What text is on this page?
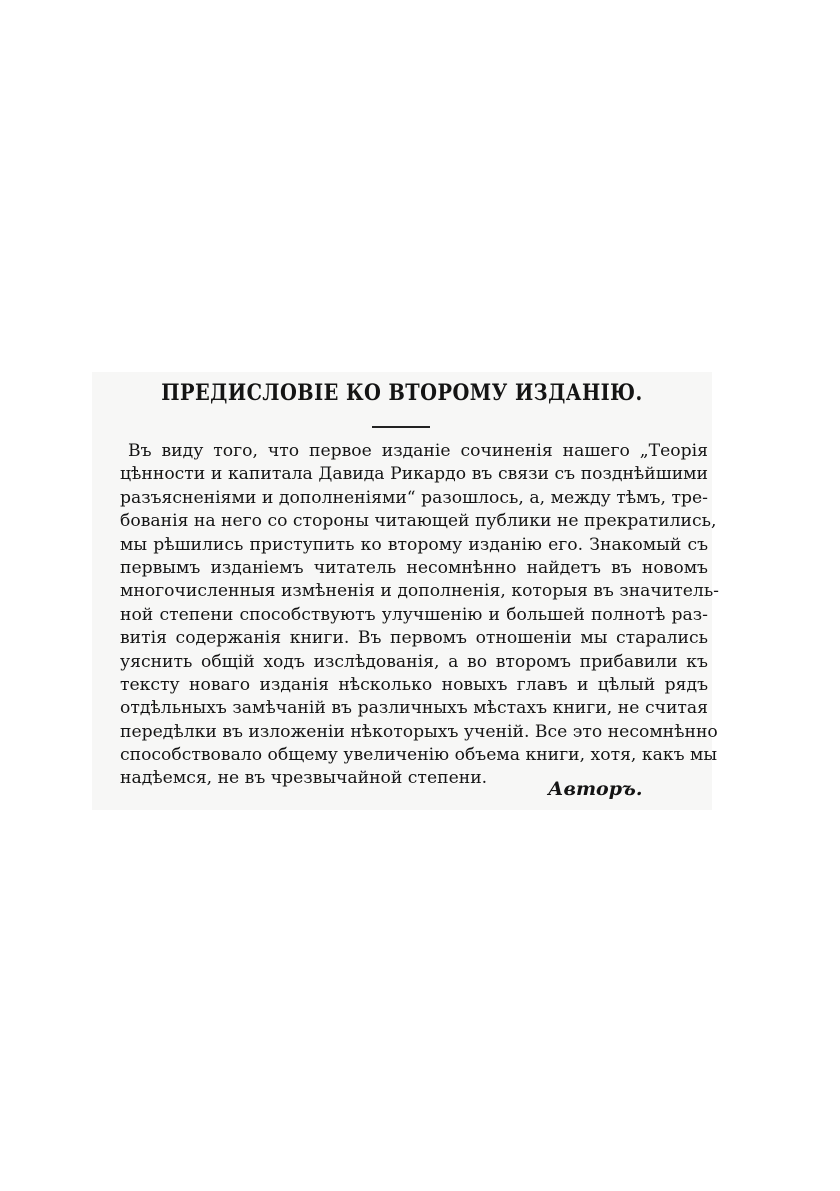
ПРЕДИСЛОВІЕ КО ВТОРОМУ ИЗДАНІЮ.
Въ виду того, что первое изданіе сочиненія нашего „Теорія
цѣнности и капитала Давида Рикардо въ связи съ позднѣйшими
разъясненіями и дополненіями“ разошлось, а, между тѣмъ, тре-
бованія на него со стороны читающей публики не прекратились,
мы рѣшились приступить ко второму изданію его. Знакомый съ
первымъ изданіемъ читатель несомнѣнно найдетъ въ новомъ
многочисленныя измѣненія и дополненія, которыя въ значитель-
ной степени способствуютъ улучшенію и большей полнотѣ раз-
витія содержанія книги. Въ первомъ отношеніи мы старались
уяснить общій ходъ изслѣдованія, а во второмъ прибавили къ
тексту новаго изданія нѣсколько новыхъ главъ и цѣлый рядъ
отдѣльныхъ замѣчаній въ различныхъ мѣстахъ книги, не считая
передѣлки въ изложеніи нѣкоторыхъ ученій. Все это несомнѣнно
способствовало общему увеличенію объема книги, хотя, какъ мы
надѣемся, не въ чрезвычайной степени.	Авторъ.
